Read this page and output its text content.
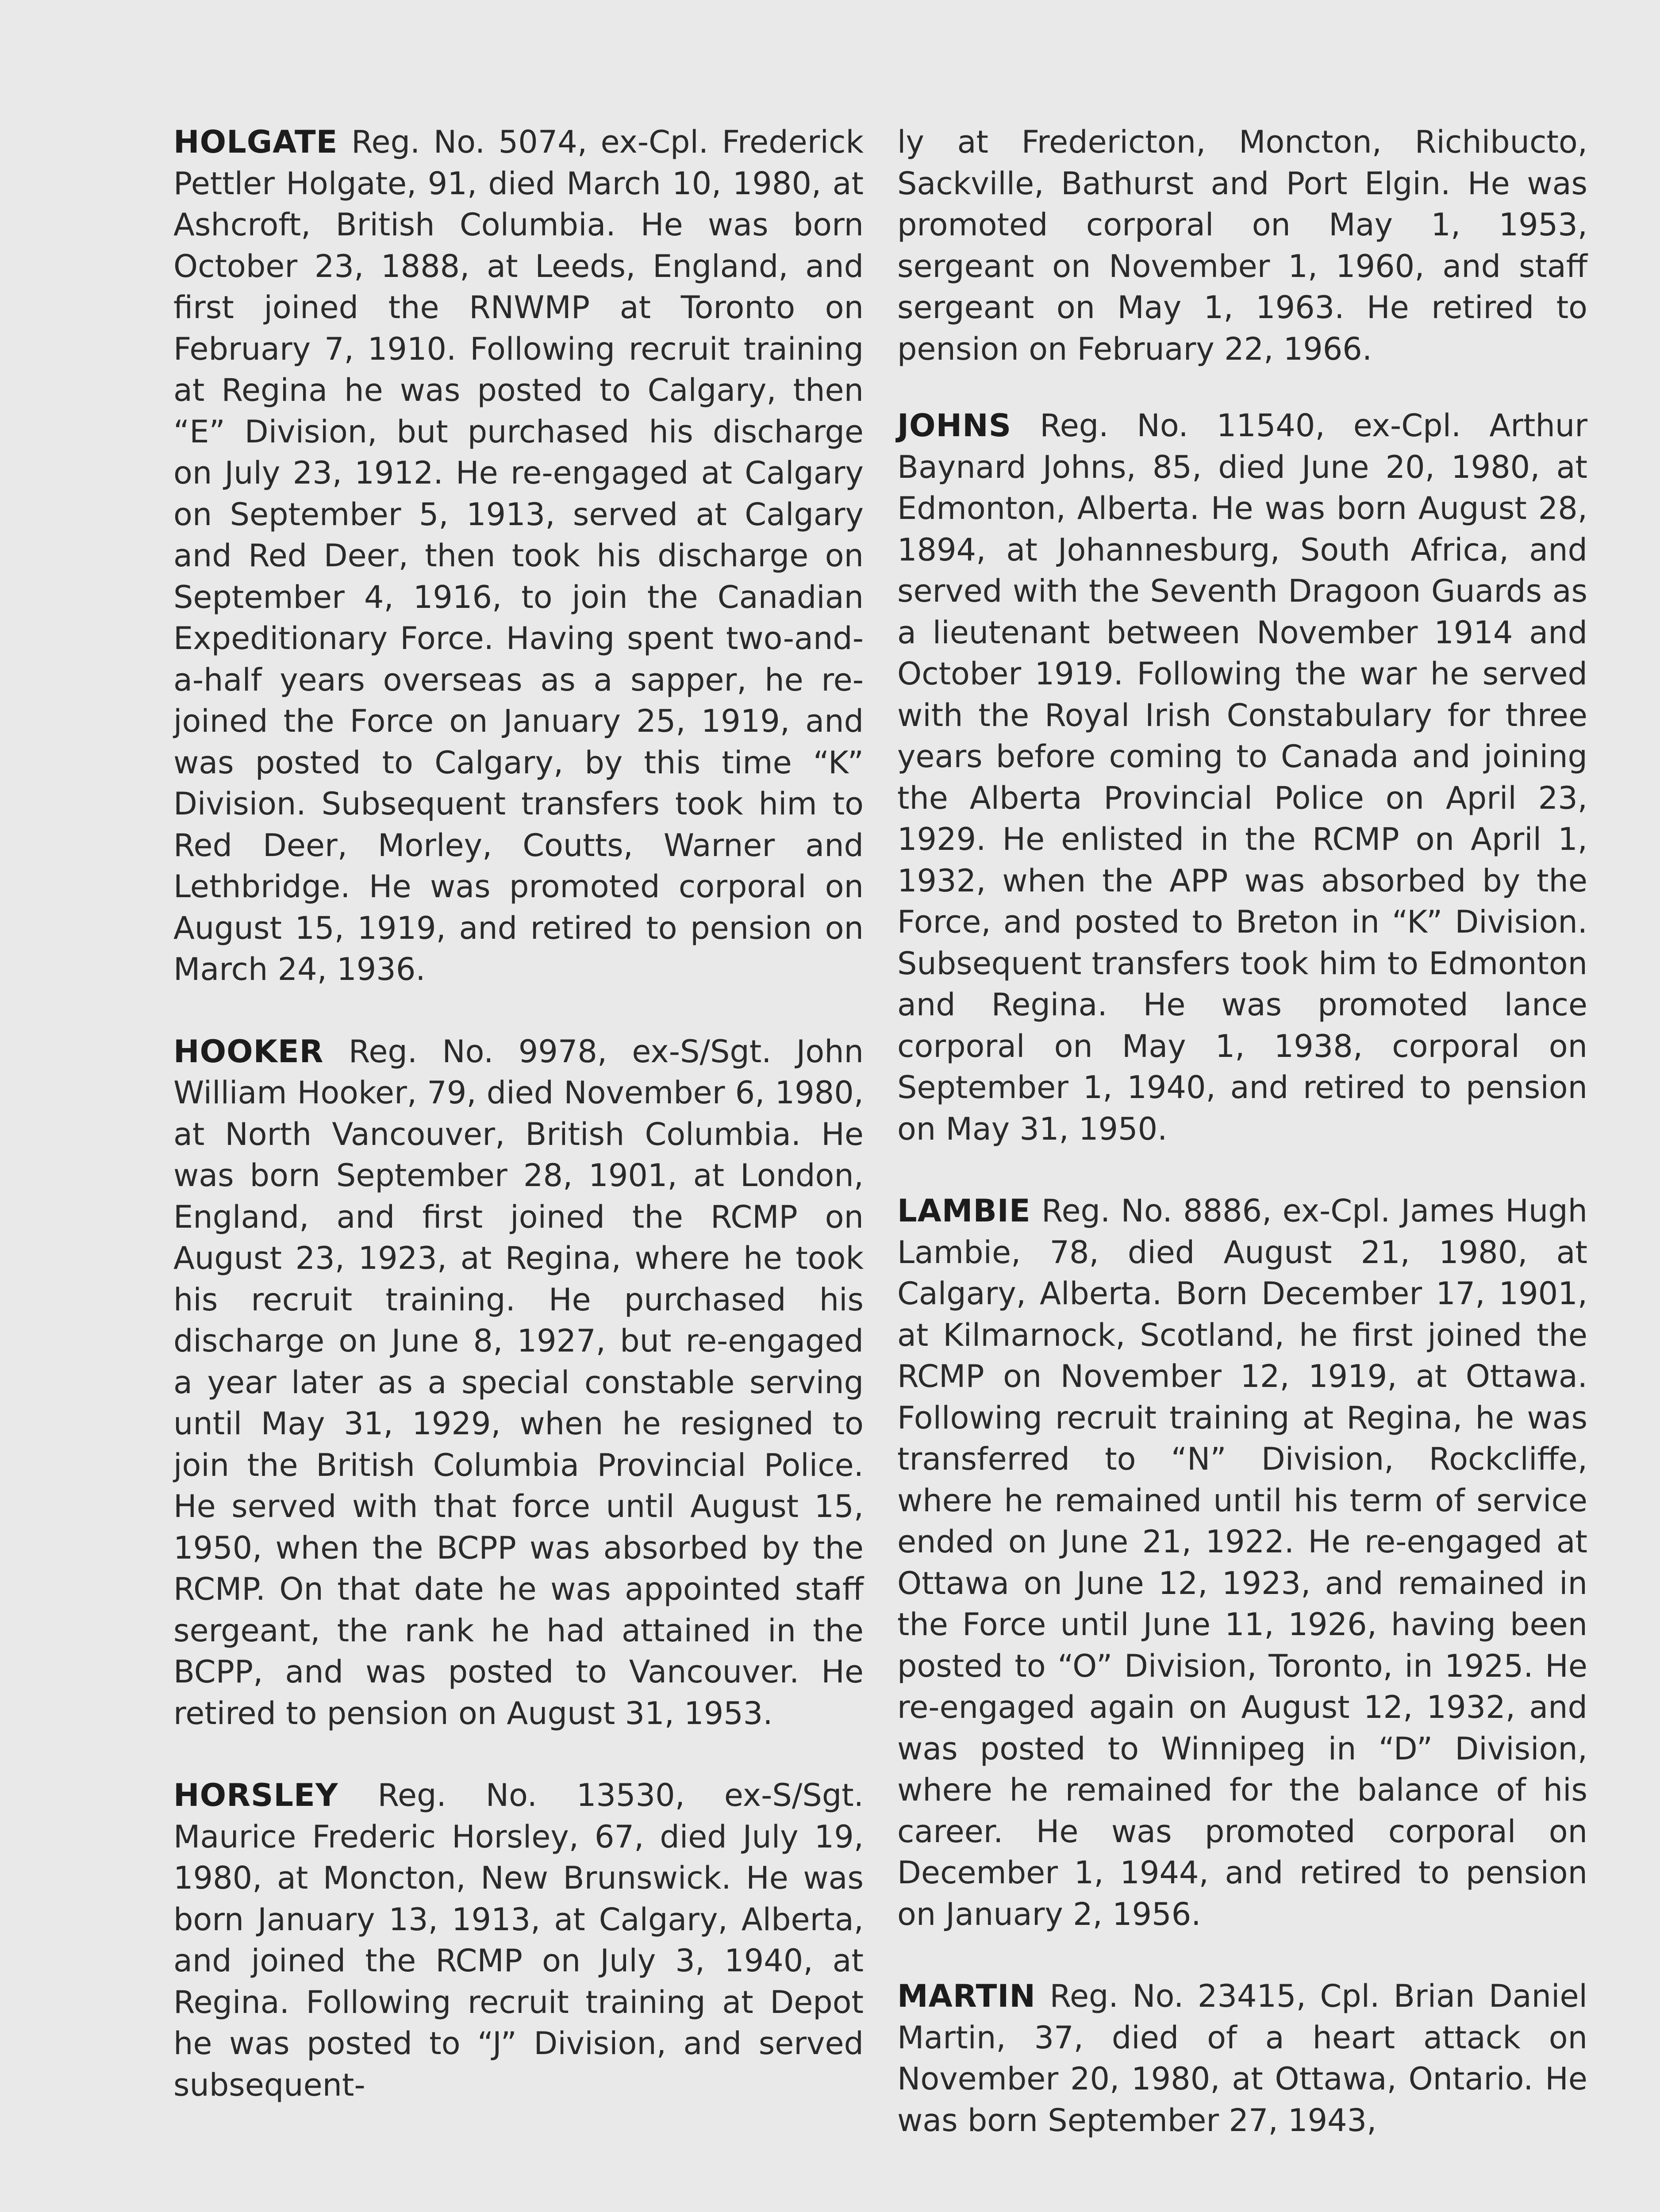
HOLGATE Reg. No. 5074, ex-Cpl. Frederick Pettler Holgate, 91, died March 10, 1980, at Ashcroft, British Columbia. He was born October 23, 1888, at Leeds, England, and first joined the RNWMP at Toronto on February 7, 1910. Following recruit training at Regina he was posted to Calgary, then “E” Division, but purchased his discharge on July 23, 1912. He re-engaged at Calgary on September 5, 1913, served at Calgary and Red Deer, then took his discharge on September 4, 1916, to join the Canadian Expeditionary Force. Having spent two-and-a-half years overseas as a sapper, he re-joined the Force on January 25, 1919, and was posted to Calgary, by this time “K” Division. Subsequent transfers took him to Red Deer, Morley, Coutts, Warner and Lethbridge. He was promoted corporal on August 15, 1919, and retired to pension on March 24, 1936.

HOOKER Reg. No. 9978, ex-S/Sgt. John William Hooker, 79, died November 6, 1980, at North Vancouver, British Columbia. He was born September 28, 1901, at London, England, and first joined the RCMP on August 23, 1923, at Regina, where he took his recruit training. He purchased his discharge on June 8, 1927, but re-engaged a year later as a special constable serving until May 31, 1929, when he resigned to join the British Columbia Provincial Police. He served with that force until August 15, 1950, when the BCPP was absorbed by the RCMP. On that date he was appointed staff sergeant, the rank he had attained in the BCPP, and was posted to Vancouver. He retired to pension on August 31, 1953.

HORSLEY Reg. No. 13530, ex-S/Sgt. Maurice Frederic Horsley, 67, died July 19, 1980, at Moncton, New Brunswick. He was born January 13, 1913, at Calgary, Alberta, and joined the RCMP on July 3, 1940, at Regina. Following recruit training at Depot he was posted to “J” Division, and served subsequent-

ly at Fredericton, Moncton, Richibucto, Sackville, Bathurst and Port Elgin. He was promoted corporal on May 1, 1953, sergeant on November 1, 1960, and staff sergeant on May 1, 1963. He retired to pension on February 22, 1966.

JOHNS Reg. No. 11540, ex-Cpl. Arthur Baynard Johns, 85, died June 20, 1980, at Edmonton, Alberta. He was born August 28, 1894, at Johannesburg, South Africa, and served with the Seventh Dragoon Guards as a lieutenant between November 1914 and October 1919. Following the war he served with the Royal Irish Constabulary for three years before coming to Canada and joining the Alberta Provincial Police on April 23, 1929. He enlisted in the RCMP on April 1, 1932, when the APP was absorbed by the Force, and posted to Breton in “K” Division. Subsequent transfers took him to Edmonton and Regina. He was promoted lance corporal on May 1, 1938, corporal on September 1, 1940, and retired to pension on May 31, 1950.

LAMBIE Reg. No. 8886, ex-Cpl. James Hugh Lambie, 78, died August 21, 1980, at Calgary, Alberta. Born December 17, 1901, at Kilmarnock, Scotland, he first joined the RCMP on November 12, 1919, at Ottawa. Following recruit training at Regina, he was transferred to “N” Division, Rockcliffe, where he remained until his term of service ended on June 21, 1922. He re-engaged at Ottawa on June 12, 1923, and remained in the Force until June 11, 1926, having been posted to “O” Division, Toronto, in 1925. He re-engaged again on August 12, 1932, and was posted to Winnipeg in “D” Division, where he remained for the balance of his career. He was promoted corporal on December 1, 1944, and retired to pension on January 2, 1956.

MARTIN Reg. No. 23415, Cpl. Brian Daniel Martin, 37, died of a heart attack on November 20, 1980, at Ottawa, Ontario. He was born September 27, 1943,
